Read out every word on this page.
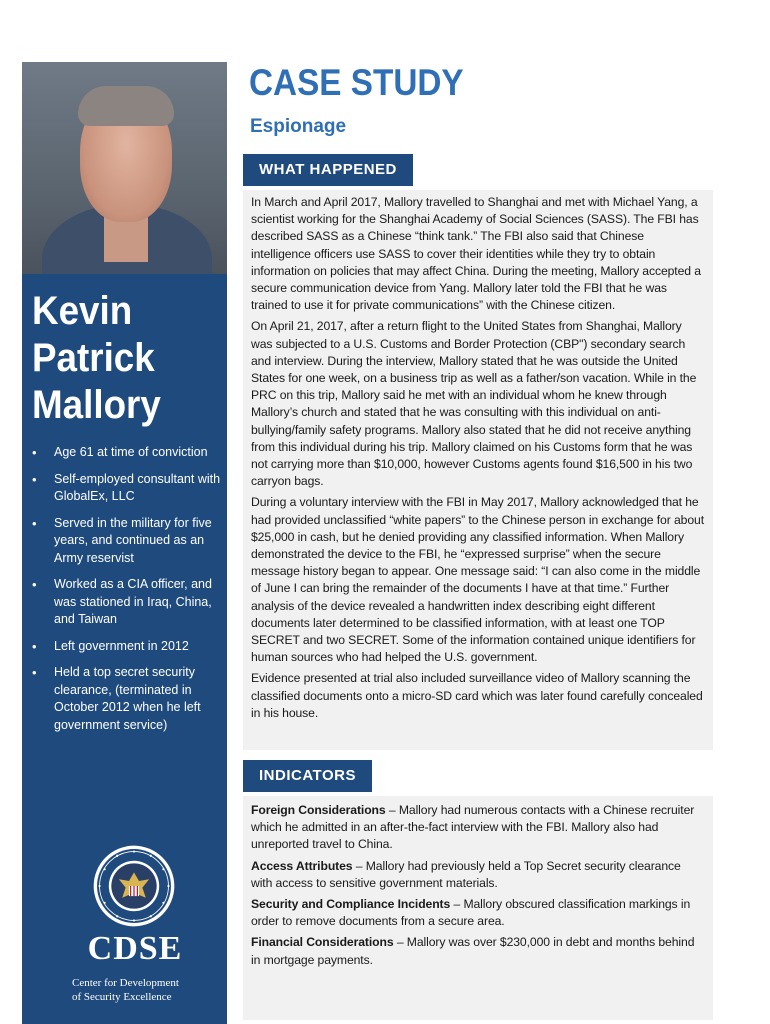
Kevin
Patrick
Mallory
• Age 61 at time of conviction
• Self-employed consultant with GlobalEx, LLC
• Served in the military for five years, and continued as an Army reservist
• Worked as a CIA officer, and was stationed in Iraq, China, and Taiwan
• Left government in 2012
• Held a top secret security clearance, (terminated in October 2012 when he left government service)
CDSE
Center for Development
of Security Excellence
CASE STUDY
Espionage
WHAT HAPPENED

In March and April 2017, Mallory travelled to Shanghai and met with Michael Yang, a scientist working for the Shanghai Academy of Social Sciences (SASS). The FBI has described SASS as a Chinese “think tank.” The FBI also said that Chinese intelligence officers use SASS to cover their identities while they try to obtain information on policies that may affect China. During the meeting, Mallory accepted a secure communication device from Yang. Mallory later told the FBI that he was trained to use it for private communications” with the Chinese citizen.

On April 21, 2017, after a return flight to the United States from Shanghai, Mallory was subjected to a U.S. Customs and Border Protection (CBP") secondary search and interview. During the interview, Mallory stated that he was outside the United States for one week, on a business trip as well as a father/son vacation. While in the PRC on this trip, Mallory said he met with an individual whom he knew through Mallory’s church and stated that he was consulting with this individual on anti-bullying/family safety programs. Mallory also stated that he did not receive anything from this individual during his trip. Mallory claimed on his Customs form that he was not carrying more than $10,000, however Customs agents found $16,500 in his two carryon bags.

During a voluntary interview with the FBI in May 2017, Mallory acknowledged that he had provided unclassified “white papers” to the Chinese person in exchange for about $25,000 in cash, but he denied providing any classified information. When Mallory demonstrated the device to the FBI, he “expressed surprise” when the secure message history began to appear. One message said: “I can also come in the middle of June I can bring the remainder of the documents I have at that time.” Further analysis of the device revealed a handwritten index describing eight different documents later determined to be classified information, with at least one TOP SECRET and two SECRET. Some of the information contained unique identifiers for human sources who had helped the U.S. government.

Evidence presented at trial also included surveillance video of Mallory scanning the classified documents onto a micro-SD card which was later found carefully concealed in his house.

INDICATORS

Foreign Considerations – Mallory had numerous contacts with a Chinese recruiter which he admitted in an after-the-fact interview with the FBI. Mallory also had unreported travel to China.

Access Attributes – Mallory had previously held a Top Secret security clearance with access to sensitive government materials.

Security and Compliance Incidents – Mallory obscured classification markings in order to remove documents from a secure area.

Financial Considerations – Mallory was over $230,000 in debt and months behind in mortgage payments.
